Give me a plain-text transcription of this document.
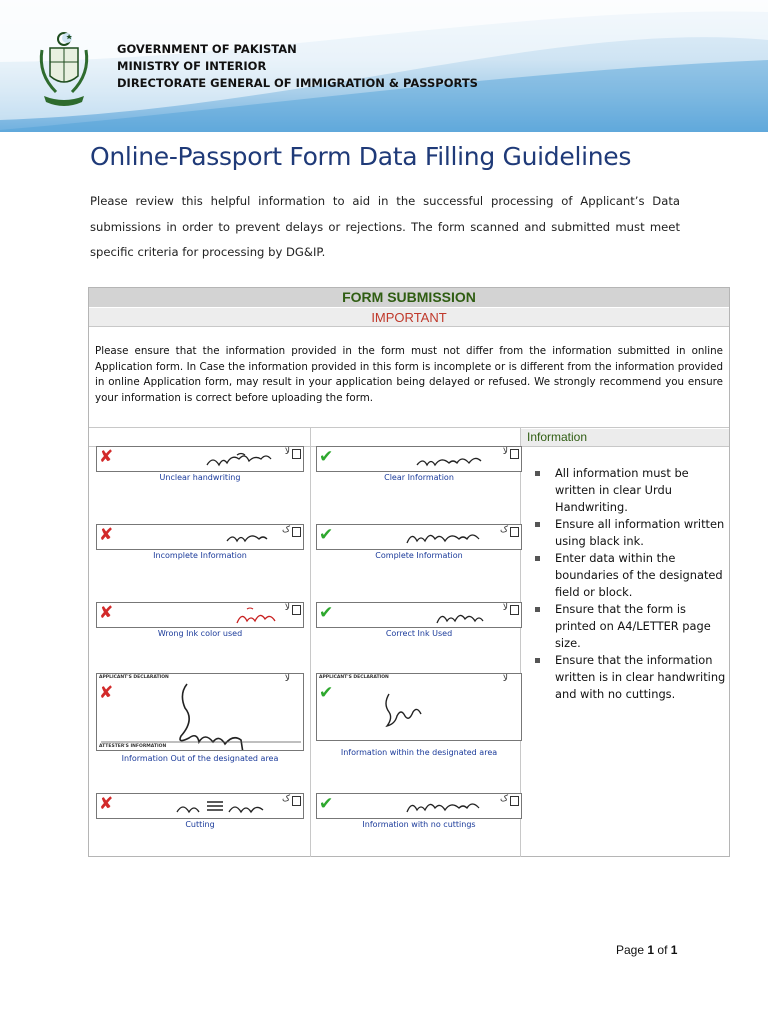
GOVERNMENT OF PAKISTAN
MINISTRY OF INTERIOR
DIRECTORATE GENERAL OF IMMIGRATION & PASSPORTS
Online-Passport Form Data Filling Guidelines
Please review this helpful information to aid in the successful processing of Applicant’s Data submissions in order to prevent delays or rejections. The form scanned and submitted must meet specific criteria for processing by DG&IP.
FORM SUBMISSION
IMPORTANT
Please ensure that the information provided in the form must not differ from the information submitted in online Application form. In Case the information provided in this form is incomplete or is different from the information provided in online Application form, may result in your application being delayed or refused. We strongly recommend you ensure your information is correct before uploading the form.
Information
✘	ﻻ
Unclear handwriting
✘	ک
Incomplete Information
✘	ﻻ
Wrong Ink color used
APPLICANT'S DECLARATION
✘
ATTESTER'S INFORMATION
ﻻ
Information Out of the designated area
✘	ک
Cutting
✔	ﻻ
Clear Information
✔	ک
Complete Information
✔	ﻻ
Correct Ink Used
APPLICANT'S DECLARATION
✔
ﻻ
Information within the designated area
✔	ک
Information with no cuttings
All information must be written in clear Urdu Handwriting.
Ensure all information written using black ink.
Enter data within the boundaries of the designated field or block.
Ensure that the form is printed on A4/LETTER page size.
Ensure that the information written is in clear handwriting and with no cuttings.
Page 1 of 1
